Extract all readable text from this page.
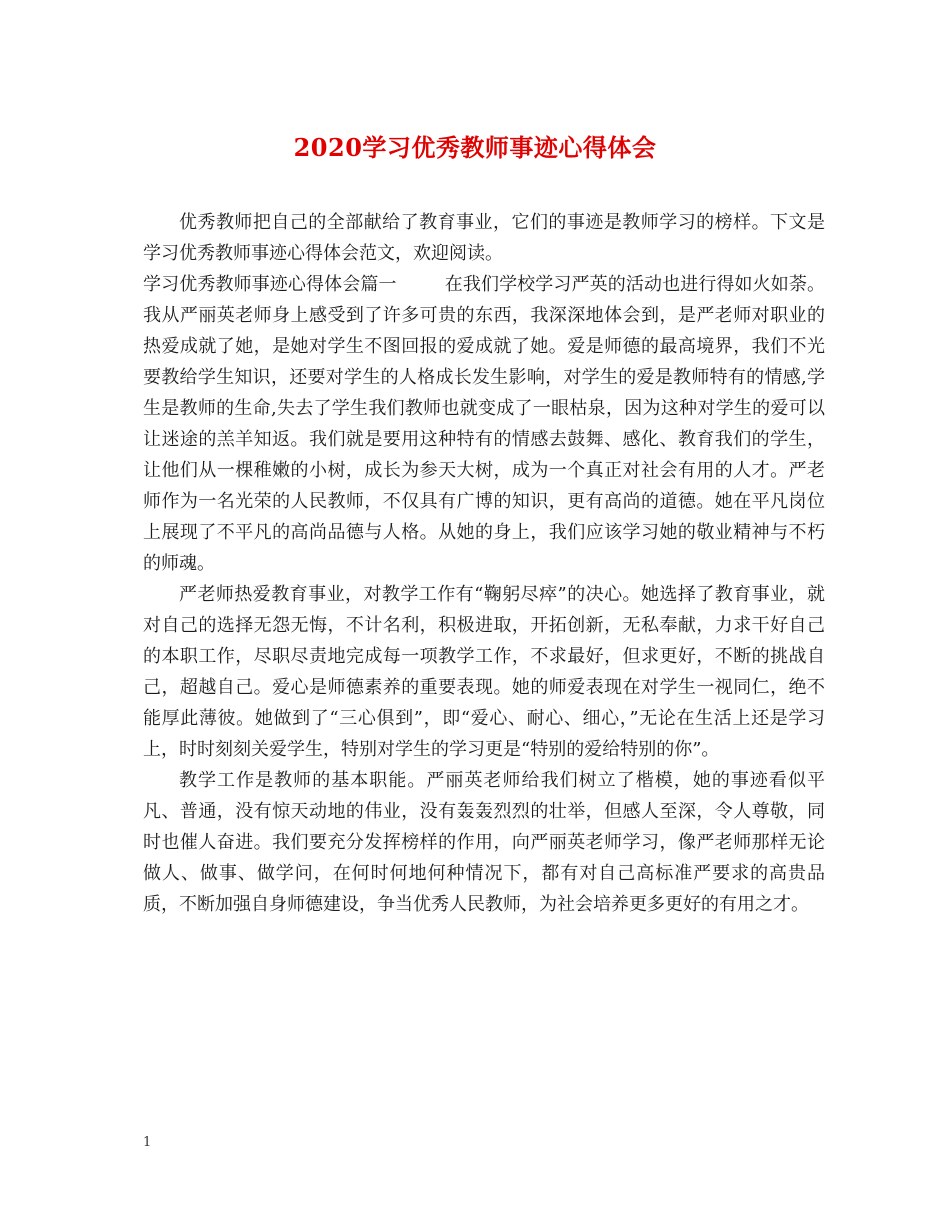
2020学习优秀教师事迹心得体会

优秀教师把自己的全部献给了教育事业，它们的事迹是教师学习的榜样。下文是学习优秀教师事迹心得体会范文，欢迎阅读。

学习优秀教师事迹心得体会篇一	在我们学校学习严英的活动也进行得如火如荼。我从严丽英老师身上感受到了许多可贵的东西，我深深地体会到，是严老师对职业的热爱成就了她，是她对学生不图回报的爱成就了她。爱是师德的最高境界，我们不光要教给学生知识，还要对学生的人格成长发生影响，对学生的爱是教师特有的情感,学生是教师的生命,失去了学生我们教师也就变成了一眼枯泉，因为这种对学生的爱可以让迷途的羔羊知返。我们就是要用这种特有的情感去鼓舞、感化、教育我们的学生，让他们从一棵稚嫩的小树，成长为参天大树，成为一个真正对社会有用的人才。严老师作为一名光荣的人民教师，不仅具有广博的知识，更有高尚的道德。她在平凡岗位上展现了不平凡的高尚品德与人格。从她的身上，我们应该学习她的敬业精神与不朽的师魂。

严老师热爱教育事业，对教学工作有“鞠躬尽瘁”的决心。她选择了教育事业，就对自己的选择无怨无悔，不计名利，积极进取，开拓创新，无私奉献，力求干好自己的本职工作，尽职尽责地完成每一项教学工作，不求最好，但求更好，不断的挑战自己，超越自己。爱心是师德素养的重要表现。她的师爱表现在对学生一视同仁，绝不能厚此薄彼。她做到了“三心俱到”，即“爱心、耐心、细心，”无论在生活上还是学习上，时时刻刻关爱学生，特别对学生的学习更是“特别的爱给特别的你”。

教学工作是教师的基本职能。严丽英老师给我们树立了楷模，她的事迹看似平凡、普通，没有惊天动地的伟业，没有轰轰烈烈的壮举，但感人至深，令人尊敬，同时也催人奋进。我们要充分发挥榜样的作用，向严丽英老师学习，像严老师那样无论做人、做事、做学问，在何时何地何种情况下，都有对自己高标准严要求的高贵品质，不断加强自身师德建设，争当优秀人民教师，为社会培养更多更好的有用之才。

1
